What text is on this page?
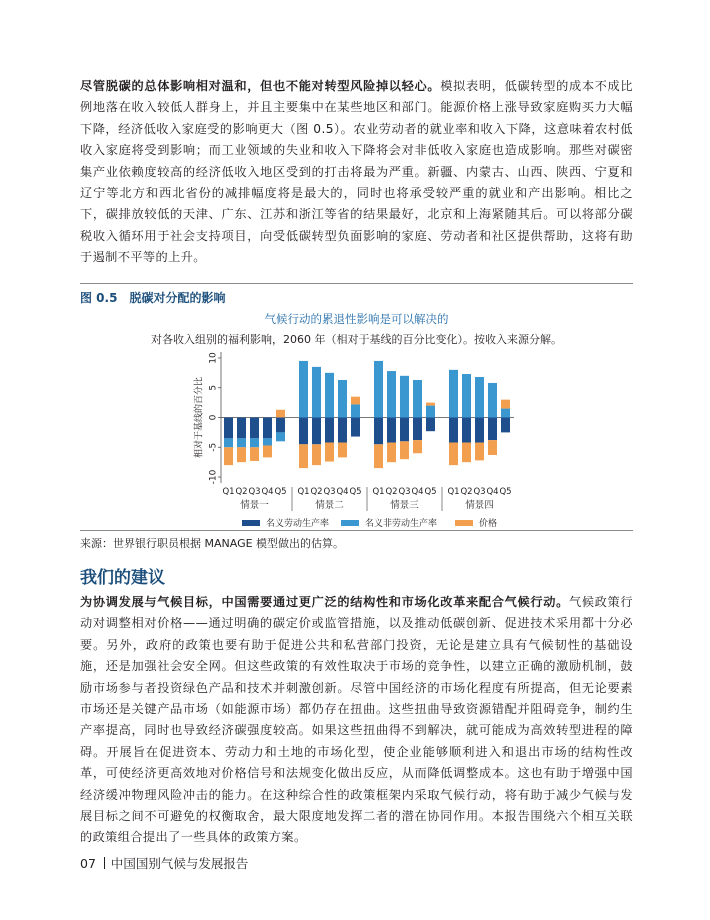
尽管脱碳的总体影响相对温和，但也不能对转型风险掉以轻心。模拟表明，低碳转型的成本不成比例地落在收入较低人群身上，并且主要集中在某些地区和部门。能源价格上涨导致家庭购买力大幅下降，经济低收入家庭受的影响更大（图 0.5）。农业劳动者的就业率和收入下降，这意味着农村低收入家庭将受到影响；而工业领域的失业和收入下降将会对非低收入家庭也造成影响。那些对碳密集产业依赖度较高的经济低收入地区受到的打击将最为严重。新疆、内蒙古、山西、陕西、宁夏和辽宁等北方和西北省份的减排幅度将是最大的，同时也将承受较严重的就业和产出影响。相比之下，碳排放较低的天津、广东、江苏和浙江等省的结果最好，北京和上海紧随其后。可以将部分碳税收入循环用于社会支持项目，向受低碳转型负面影响的家庭、劳动者和社区提供帮助，这将有助于遏制不平等的上升。

图 0.5 脱碳对分配的影响
气候行动的累退性影响是可以解决的
对各收入组别的福利影响，2060 年（相对于基线的百分比变化）。按收入来源分解。
-10
-5
0
5
10
相对于基线的百分比
Q1 Q2 Q3 Q4 Q5
情景一
Q1 Q2 Q3 Q4 Q5
情景二
Q1 Q2 Q3 Q4 Q5
情景三
Q1 Q2 Q3 Q4 Q5
情景四
名义劳动生产率	名义非劳动生产率	价格
来源：世界银行职员根据 MANAGE 模型做出的估算。
我们的建议

为协调发展与气候目标，中国需要通过更广泛的结构性和市场化改革来配合气候行动。气候政策行动对调整相对价格——通过明确的碳定价或监管措施，以及推动低碳创新、促进技术采用都十分必要。另外，政府的政策也要有助于促进公共和私营部门投资，无论是建立具有气候韧性的基础设施，还是加强社会安全网。但这些政策的有效性取决于市场的竞争性，以建立正确的激励机制，鼓励市场参与者投资绿色产品和技术并刺激创新。尽管中国经济的市场化程度有所提高，但无论要素市场还是关键产品市场（如能源市场）都仍存在扭曲。这些扭曲导致资源错配并阻碍竞争，制约生产率提高，同时也导致经济碳强度较高。如果这些扭曲得不到解决，就可能成为高效转型进程的障碍。开展旨在促进资本、劳动力和土地的市场化型，使企业能够顺利进入和退出市场的结构性改革，可使经济更高效地对价格信号和法规变化做出反应，从而降低调整成本。这也有助于增强中国经济缓冲物理风险冲击的能力。在这种综合性的政策框架内采取气候行动，将有助于减少气候与发展目标之间不可避免的权衡取舍，最大限度地发挥二者的潜在协同作用。本报告围绕六个相互关联的政策组合提出了一些具体的政策方案。

07 中国国别气候与发展报告
